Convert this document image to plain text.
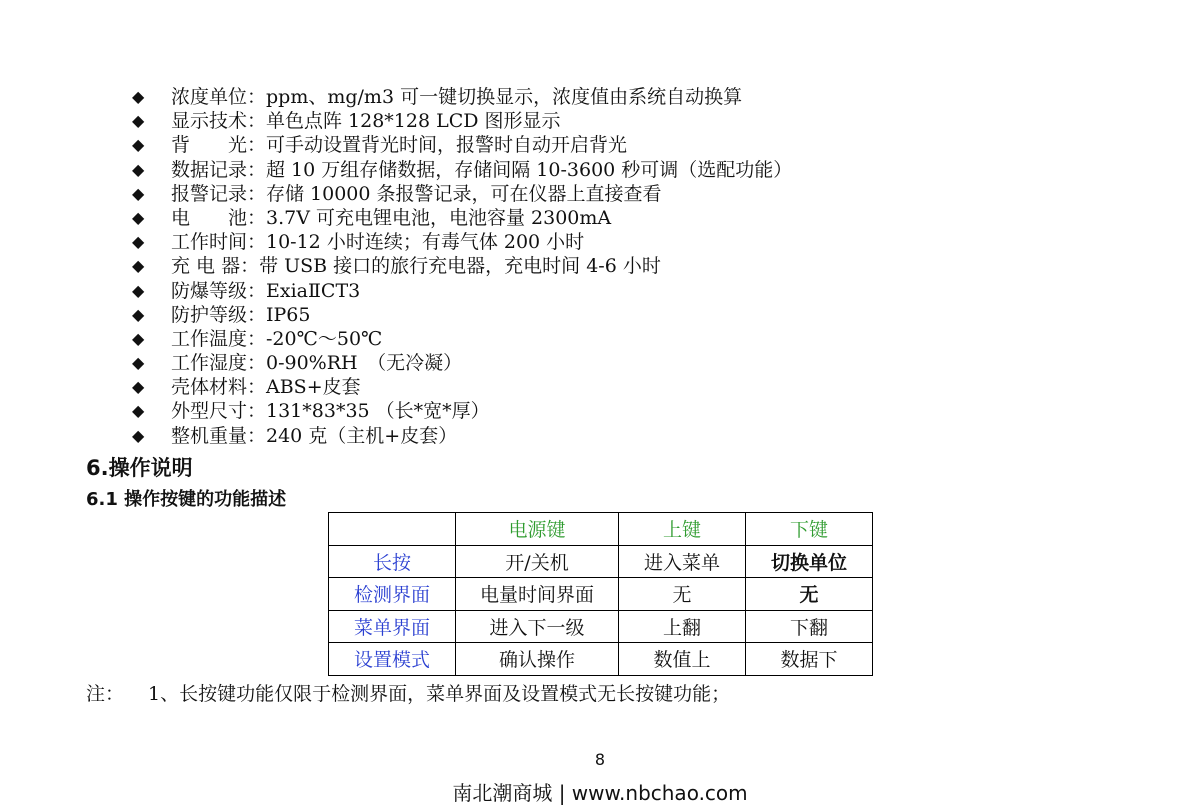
◆	浓度单位：ppm、mg/m3 可一键切换显示，浓度值由系统自动换算
◆	显示技术：单色点阵 128*128 LCD 图形显示
◆	背　　光：可手动设置背光时间，报警时自动开启背光
◆	数据记录：超 10 万组存储数据，存储间隔 10-3600 秒可调（选配功能）
◆	报警记录：存储 10000 条报警记录，可在仪器上直接查看
◆	电　　池：3.7V 可充电锂电池，电池容量 2300mA
◆	工作时间：10-12 小时连续；有毒气体 200 小时
◆	充 电 器：带 USB 接口的旅行充电器，充电时间 4-6 小时
◆	防爆等级：ExiaⅡCT3
◆	防护等级：IP65
◆	工作温度：-20℃～50℃
◆	工作湿度：0-90%RH　（无冷凝）
◆	壳体材料：ABS+皮套
◆	外型尺寸：131*83*35 （长*宽*厚）
◆	整机重量：240 克（主机+皮套）
6.操作说明
6.1 操作按键的功能描述
	电源键	上键	下键
长按	开/关机	进入菜单	切换单位
检测界面	电量时间界面	无	无
菜单界面	进入下一级	上翻	下翻
设置模式	确认操作	数值上	数据下
注： 1、长按键功能仅限于检测界面，菜单界面及设置模式无长按键功能；
8
南北潮商城 | www.nbchao.com
